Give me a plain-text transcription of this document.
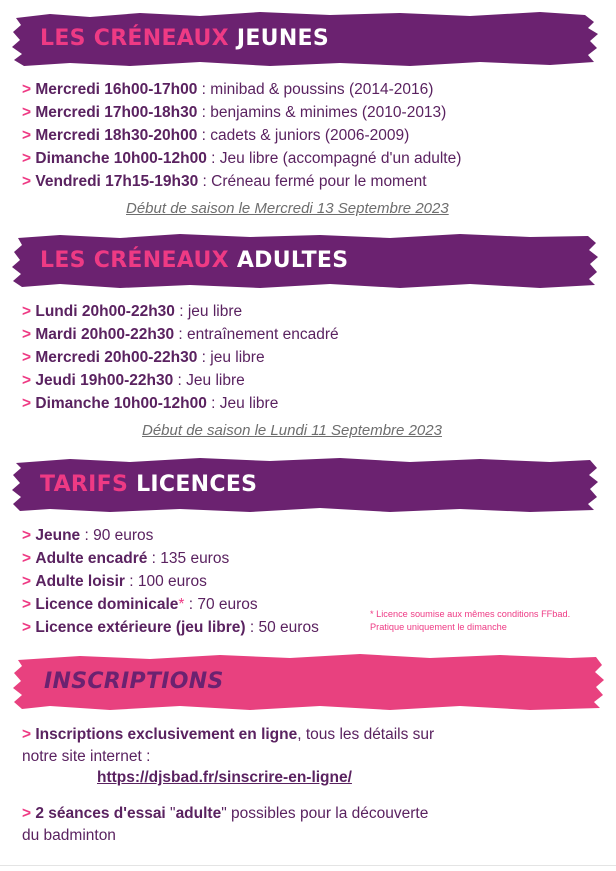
LES CRÉNEAUX JEUNES
> Mercredi 16h00-17h00 : minibad & poussins (2014-2016)
> Mercredi 17h00-18h30 : benjamins & minimes (2010-2013)
> Mercredi 18h30-20h00 : cadets & juniors (2006-2009)
> Dimanche 10h00-12h00 : Jeu libre (accompagné d'un adulte)
> Vendredi 17h15-19h30 : Créneau fermé pour le moment
Début de saison le Mercredi 13 Septembre 2023
LES CRÉNEAUX ADULTES
> Lundi 20h00-22h30 : jeu libre
> Mardi 20h00-22h30 : entraînement encadré
> Mercredi 20h00-22h30 : jeu libre
> Jeudi 19h00-22h30 : Jeu libre
> Dimanche 10h00-12h00 : Jeu libre
Début de saison le Lundi 11 Septembre 2023
TARIFS LICENCES
> Jeune : 90 euros
> Adulte encadré : 135 euros
> Adulte loisir : 100 euros
> Licence dominicale* : 70 euros
> Licence extérieure (jeu libre) : 50 euros
* Licence soumise aux mêmes conditions FFbad.
Pratique uniquement le dimanche
INSCRIPTIONS
> Inscriptions exclusivement en ligne, tous les détails sur
notre site internet :
https://djsbad.fr/sinscrire-en-ligne/
> 2 séances d'essai "adulte" possibles pour la découverte
du badminton
